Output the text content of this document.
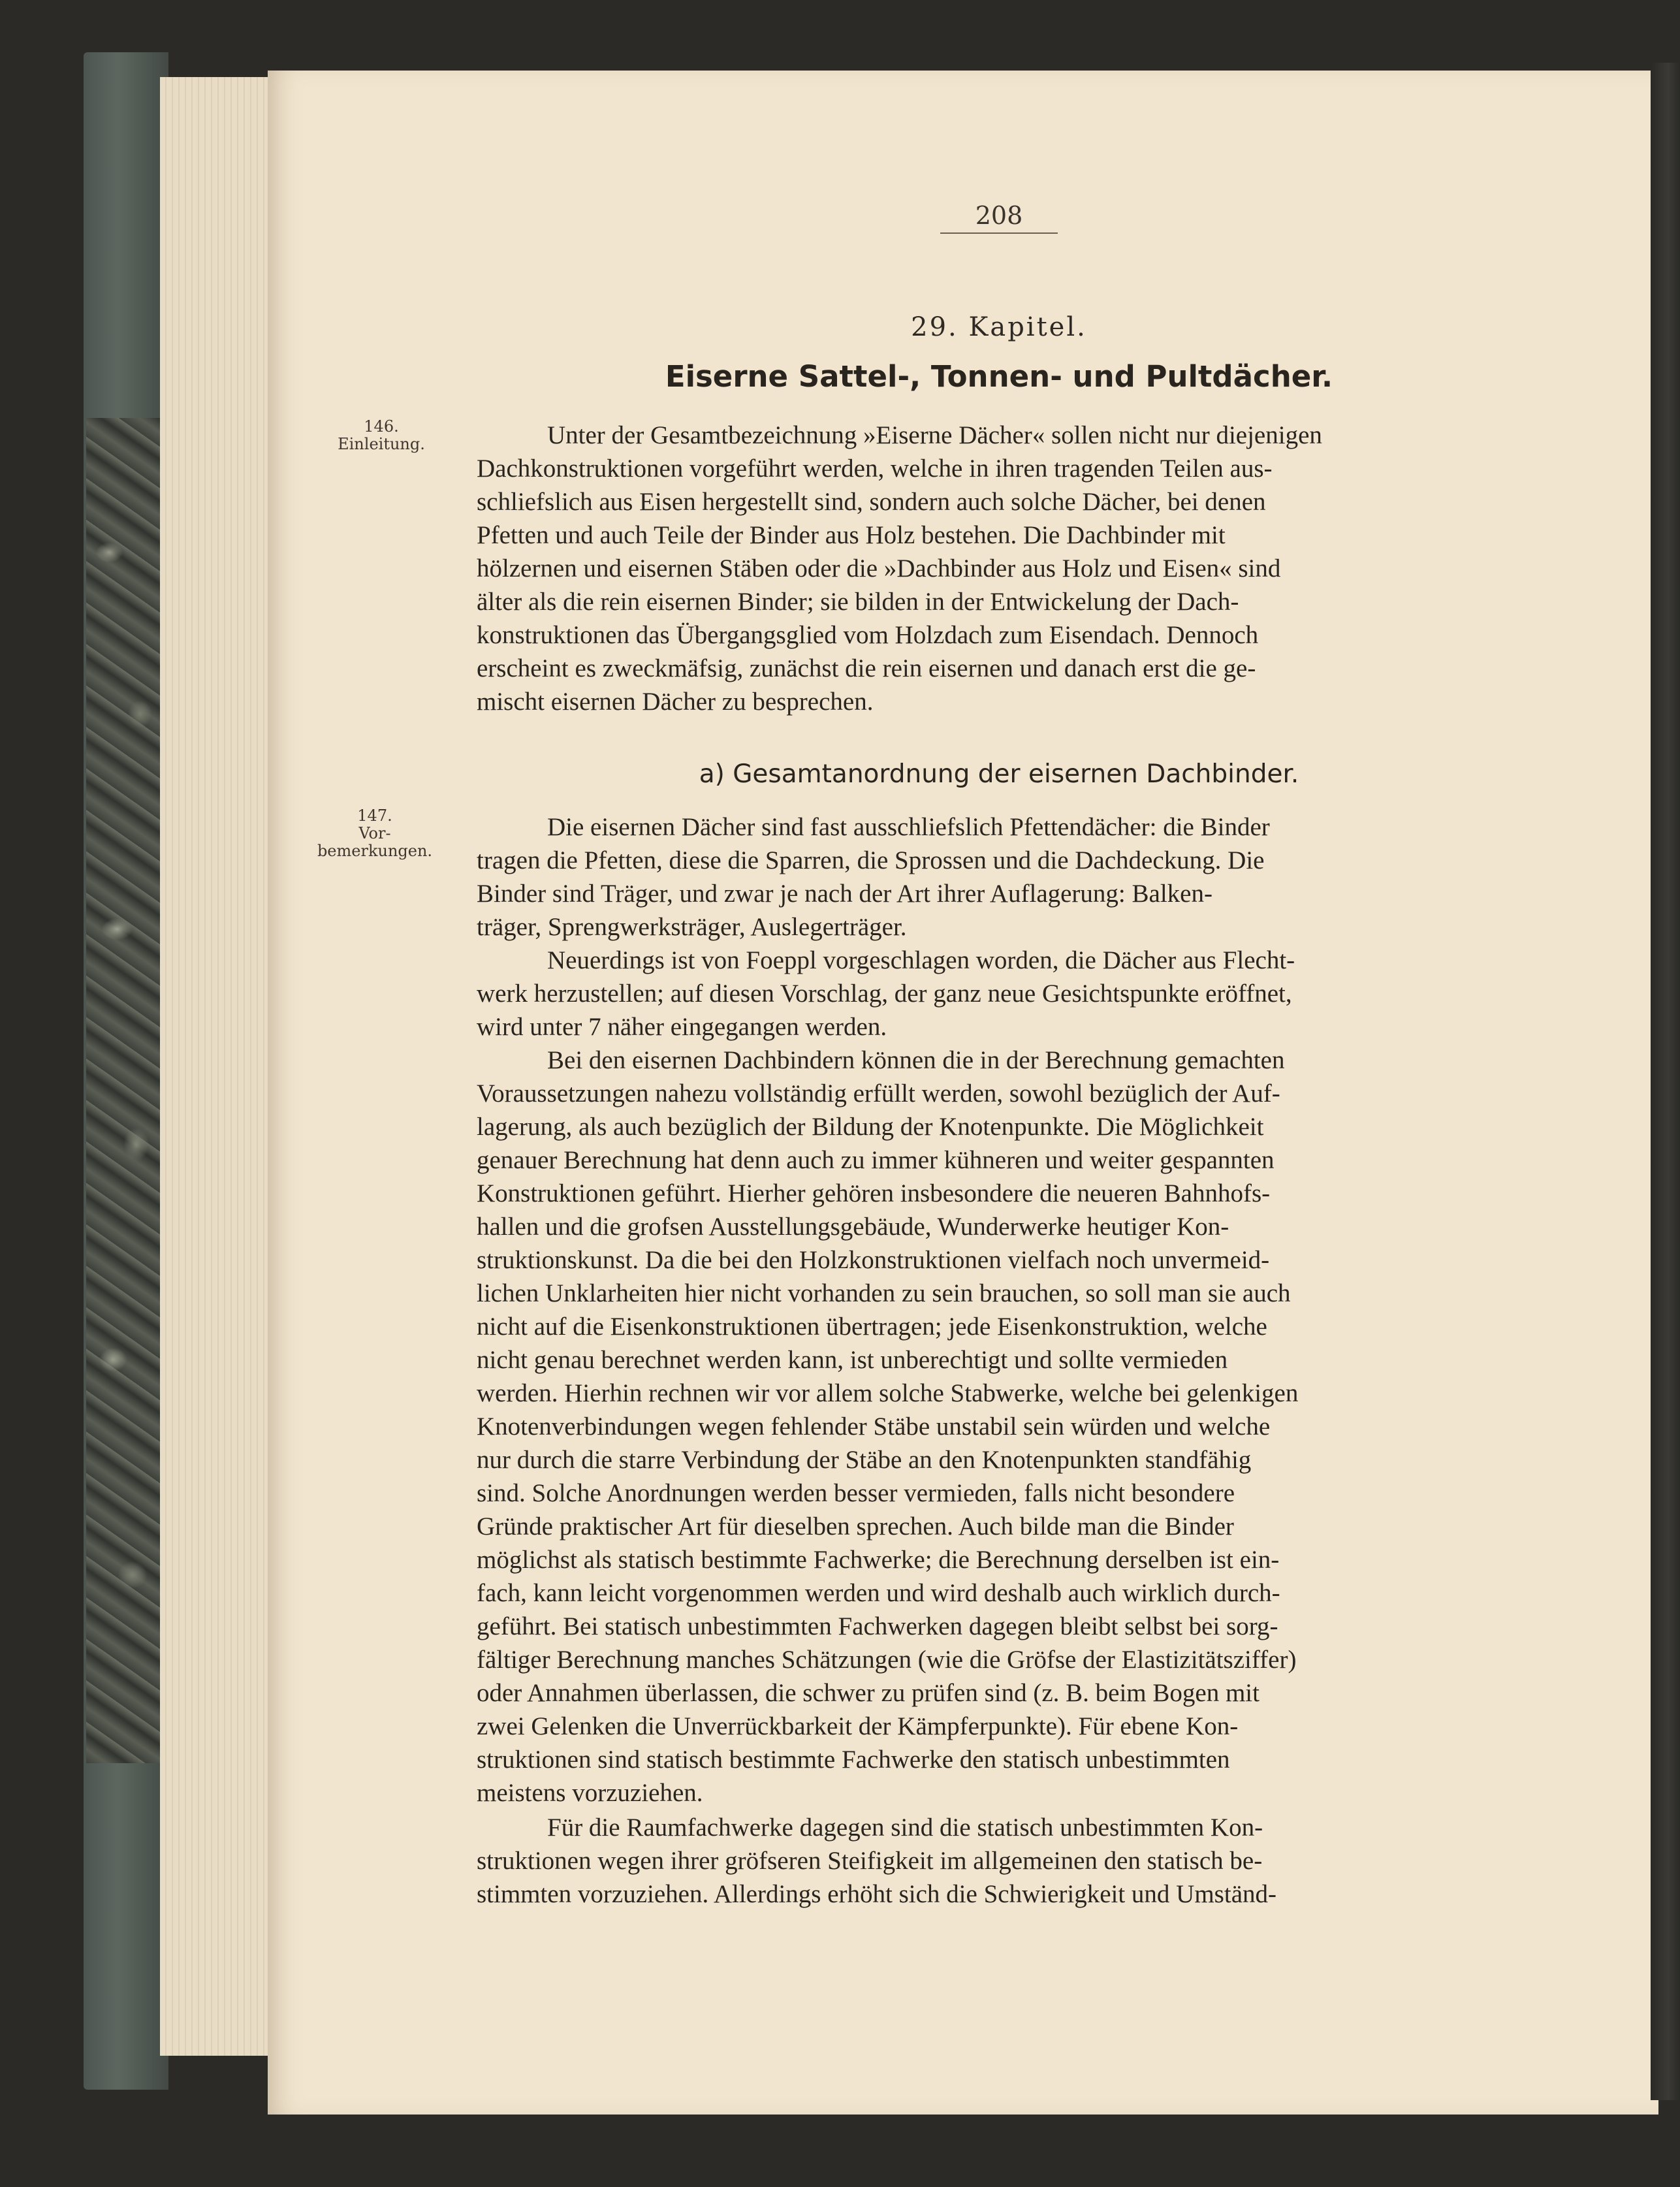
208
29. Kapitel.
Eiserne Sattel-, Tonnen- und Pultdächer.
146.
Einleitung.	Unter der Gesamtbezeichnung »Eiserne Dächer« sollen nicht nur diejenigen
Dachkonstruktionen vorgeführt werden, welche in ihren tragenden Teilen aus-
schliefslich aus Eisen hergestellt sind, sondern auch solche Dächer, bei denen
Pfetten und auch Teile der Binder aus Holz bestehen. Die Dachbinder mit
hölzernen und eisernen Stäben oder die »Dachbinder aus Holz und Eisen« sind
älter als die rein eisernen Binder; sie bilden in der Entwickelung der Dach-
konstruktionen das Übergangsglied vom Holzdach zum Eisendach. Dennoch
erscheint es zweckmäfsig, zunächst die rein eisernen und danach erst die ge-
mischt eisernen Dächer zu besprechen.
a) Gesamtanordnung der eisernen Dachbinder.
147.
Vor-
bemerkungen.
Die eisernen Dächer sind fast ausschliefslich Pfettendächer: die Binder
tragen die Pfetten, diese die Sparren, die Sprossen und die Dachdeckung. Die
Binder sind Träger, und zwar je nach der Art ihrer Auflagerung: Balken-
träger, Sprengwerksträger, Auslegerträger.
Neuerdings ist von Foeppl vorgeschlagen worden, die Dächer aus Flecht-
werk herzustellen; auf diesen Vorschlag, der ganz neue Gesichtspunkte eröffnet,
wird unter 7 näher eingegangen werden.
Bei den eisernen Dachbindern können die in der Berechnung gemachten
Voraussetzungen nahezu vollständig erfüllt werden, sowohl bezüglich der Auf-
lagerung, als auch bezüglich der Bildung der Knotenpunkte. Die Möglichkeit
genauer Berechnung hat denn auch zu immer kühneren und weiter gespannten
Konstruktionen geführt. Hierher gehören insbesondere die neueren Bahnhofs-
hallen und die grofsen Ausstellungsgebäude, Wunderwerke heutiger Kon-
struktionskunst. Da die bei den Holzkonstruktionen vielfach noch unvermeid-
lichen Unklarheiten hier nicht vorhanden zu sein brauchen, so soll man sie auch
nicht auf die Eisenkonstruktionen übertragen; jede Eisenkonstruktion, welche
nicht genau berechnet werden kann, ist unberechtigt und sollte vermieden
werden. Hierhin rechnen wir vor allem solche Stabwerke, welche bei gelenkigen
Knotenverbindungen wegen fehlender Stäbe unstabil sein würden und welche
nur durch die starre Verbindung der Stäbe an den Knotenpunkten standfähig
sind. Solche Anordnungen werden besser vermieden, falls nicht besondere
Gründe praktischer Art für dieselben sprechen. Auch bilde man die Binder
möglichst als statisch bestimmte Fachwerke; die Berechnung derselben ist ein-
fach, kann leicht vorgenommen werden und wird deshalb auch wirklich durch-
geführt. Bei statisch unbestimmten Fachwerken dagegen bleibt selbst bei sorg-
fältiger Berechnung manches Schätzungen (wie die Gröfse der Elastizitätsziffer)
oder Annahmen überlassen, die schwer zu prüfen sind (z. B. beim Bogen mit
zwei Gelenken die Unverrückbarkeit der Kämpferpunkte). Für ebene Kon-
struktionen sind statisch bestimmte Fachwerke den statisch unbestimmten
meistens vorzuziehen.
Für die Raumfachwerke dagegen sind die statisch unbestimmten Kon-
struktionen wegen ihrer gröfseren Steifigkeit im allgemeinen den statisch be-
stimmten vorzuziehen. Allerdings erhöht sich die Schwierigkeit und Umständ-
